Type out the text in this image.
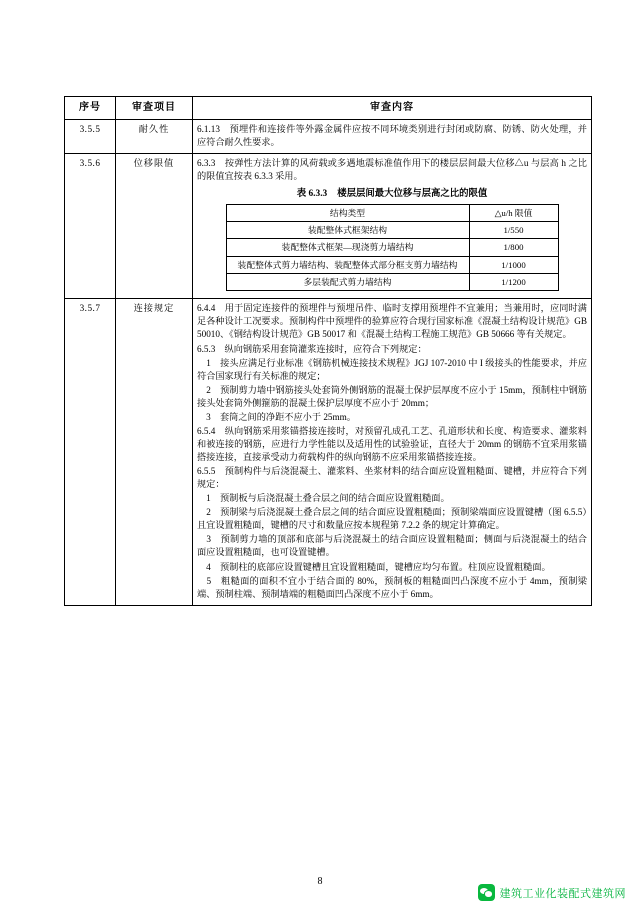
序号	审查项目	审查内容
3.5.5	耐久性	6.1.13　预埋件和连接件等外露金属件应按不同环境类别进行封闭或防腐、防锈、防火处理，并应符合耐久性要求。

3.5.6	位移限值	6.3.3　按弹性方法计算的风荷载或多遇地震标准值作用下的楼层层间最大位移△u 与层高 h 之比的限值宜按表 6.3.3 采用。

表 6.3.3 楼层层间最大位移与层高之比的限值
结构类型	△u/h 限值
装配整体式框架结构	1/550
装配整体式框架—现浇剪力墙结构	1/800
装配整体式剪力墙结构、装配整体式部分框支剪力墙结构	1/1000
多层装配式剪力墙结构	1/1200

3.5.7	连接规定	6.4.4　用于固定连接件的预埋件与预埋吊件、临时支撑用预埋件不宜兼用；当兼用时，应同时满足各种设计工况要求。预制构件中预埋件的验算应符合现行国家标准《混凝土结构设计规范》GB 50010、《钢结构设计规范》GB 50017 和《混凝土结构工程施工规范》GB 50666 等有关规定。

6.5.3　纵向钢筋采用套筒灌浆连接时，应符合下列规定：

　1　接头应满足行业标准《钢筋机械连接技术规程》JGJ 107-2010 中 I 级接头的性能要求，并应符合国家现行有关标准的规定；

　2　预制剪力墙中钢筋接头处套筒外侧钢筋的混凝土保护层厚度不应小于 15mm，预制柱中钢筋接头处套筒外侧箍筋的混凝土保护层厚度不应小于 20mm；

　3　套筒之间的净距不应小于 25mm。

6.5.4　纵向钢筋采用浆锚搭接连接时，对预留孔成孔工艺、孔道形状和长度、构造要求、灌浆料和被连接的钢筋，应进行力学性能以及适用性的试验验证，直径大于 20mm 的钢筋不宜采用浆锚搭接连接，直接承受动力荷载构件的纵向钢筋不应采用浆锚搭接连接。

6.5.5　预制构件与后浇混凝土、灌浆料、坐浆材料的结合面应设置粗糙面、键槽，并应符合下列规定：

　1　预制板与后浇混凝土叠合层之间的结合面应设置粗糙面。

　2　预制梁与后浇混凝土叠合层之间的结合面应设置粗糙面；预制梁端面应设置键槽（图 6.5.5）且宜设置粗糙面，键槽的尺寸和数量应按本规程第 7.2.2 条的规定计算确定。

　3　预制剪力墙的顶部和底部与后浇混凝土的结合面应设置粗糙面；侧面与后浇混凝土的结合面应设置粗糙面，也可设置键槽。

　4　预制柱的底部应设置键槽且宜设置粗糙面，键槽应均匀布置。柱顶应设置粗糙面。

　5　粗糙面的面积不宜小于结合面的 80%，预制板的粗糙面凹凸深度不应小于 4mm，预制梁端、预制柱端、预制墙端的粗糙面凹凸深度不应小于 6mm。

8
建筑工业化装配式建筑网
